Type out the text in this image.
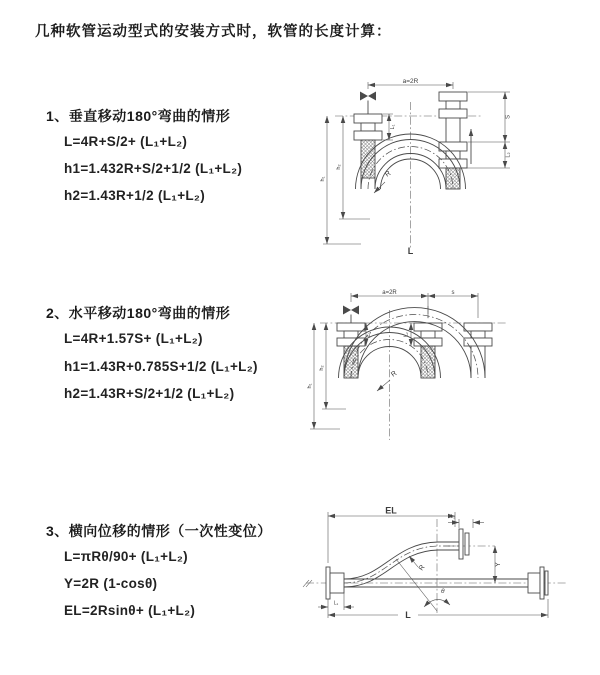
几种软管运动型式的安装方式时，软管的长度计算：
1、垂直移动180°弯曲的情形
L=4R+S/2+ (L₁+L₂)
h1=1.432R+S/2+1/2 (L₁+L₂)
h2=1.43R+1/2 (L₁+L₂)
a=2R
L₁
S
L₂
h₂
h₁
R
L
2、水平移动180°弯曲的情形
L=4R+1.57S+ (L₁+L₂)
h1=1.43R+0.785S+1/2 (L₁+L₂)
h2=1.43R+S/2+1/2 (L₁+L₂)
a=2R	s
L₁	L₂
h₂
h₁
R
3、横向位移的情形（一次性变位）
L=πRθ/90+ (L₁+L₂)
Y=2R (1-cosθ)
EL=2Rsinθ+ (L₁+L₂)
EL
L₂
Y
L
L₁
θ
R
